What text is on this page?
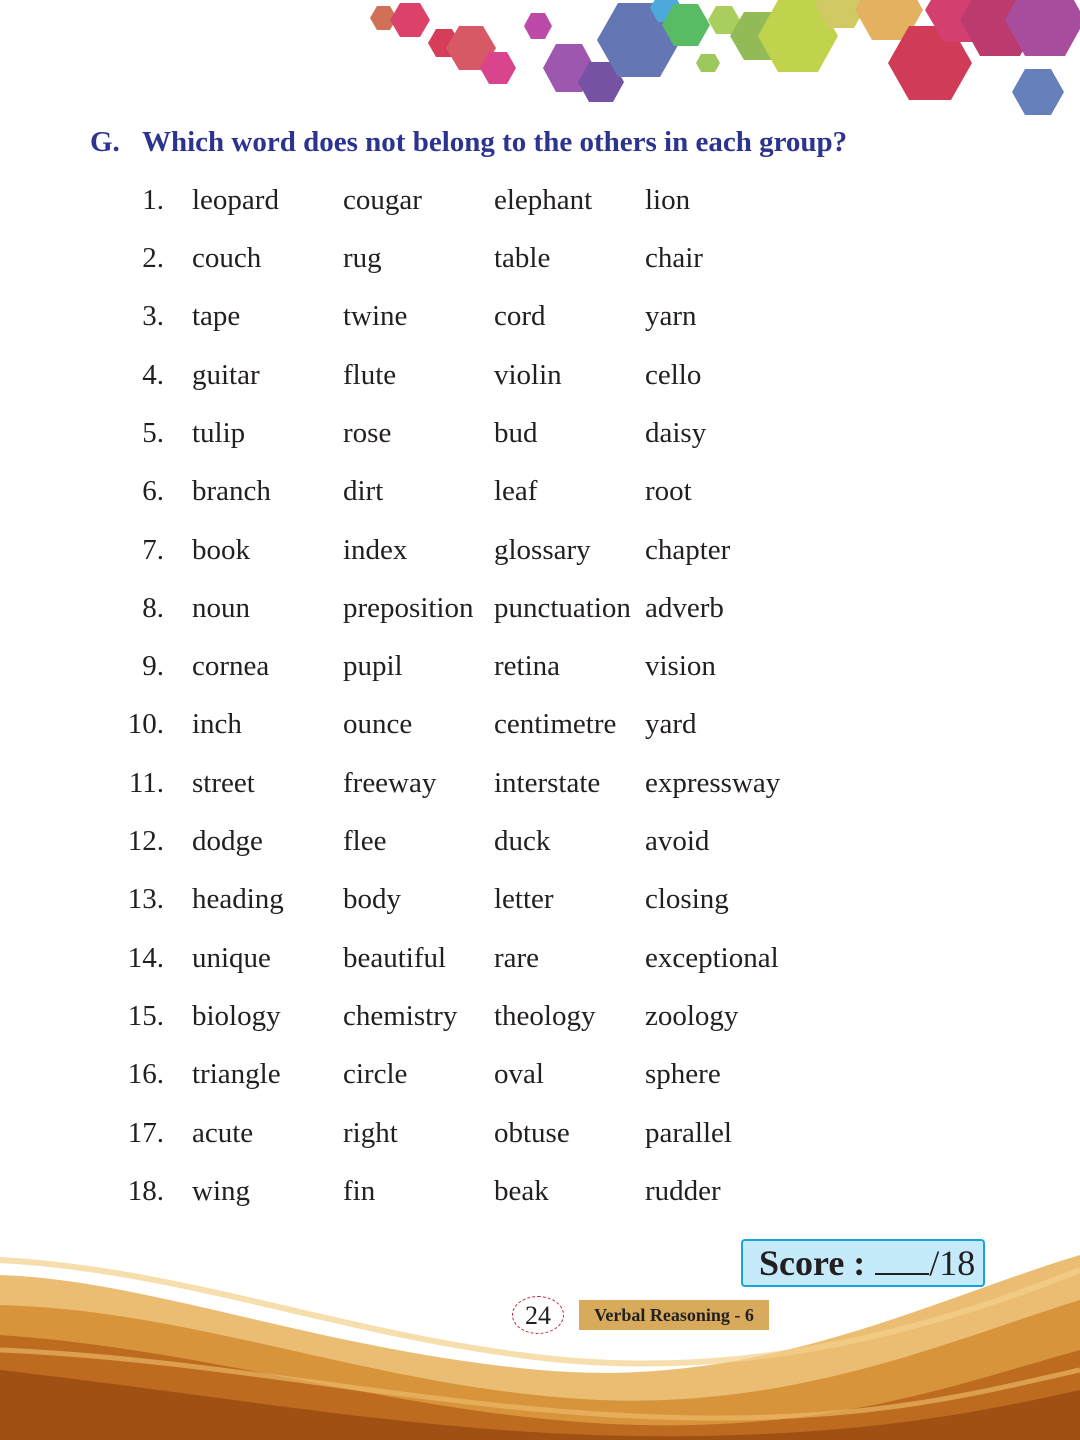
G. Which word does not belong to the others in each group?
1. leopard cougar elephant lion
2. couch	rug	table	chair
3. tape	twine	cord	yarn
4. guitar	flute	violin	cello
5. tulip	rose	bud	daisy
6. branch dirt	leaf	root
7. book	index	glossary chapter
8. noun	preposition punctuation adverb
9. cornea	pupil	retina	vision
10. inch	ounce	centimetre yard
11. street	freeway interstate expressway
12. dodge	flee	duck	avoid
13. heading body	letter	closing
14. unique beautiful rare	exceptional
15. biology chemistry theology zoology
16. triangle circle	oval	sphere
17. acute	right	obtuse	parallel
18. wing	fin	beak	rudder
Score : /18
24	Verbal Reasoning - 6
